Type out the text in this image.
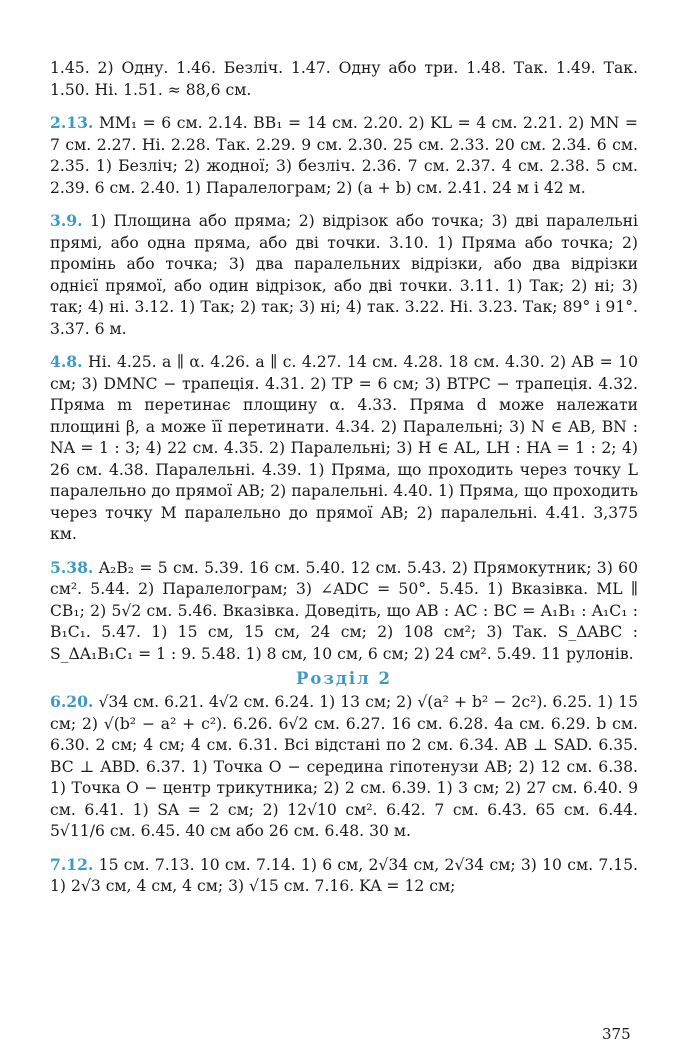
1.45. 2) Одну. 1.46. Безліч. 1.47. Одну або три. 1.48. Так. 1.49. Так. 1.50. Ні. 1.51. ≈ 88,6 см.

2.13. MM₁ = 6 см. 2.14. BB₁ = 14 см. 2.20. 2) KL = 4 см. 2.21. 2) MN = 7 см. 2.27. Ні. 2.28. Так. 2.29. 9 см. 2.30. 25 см. 2.33. 20 см. 2.34. 6 см. 2.35. 1) Безліч; 2) жодної; 3) безліч. 2.36. 7 см. 2.37. 4 см. 2.38. 5 см. 2.39. 6 см. 2.40. 1) Паралелограм; 2) (a + b) см. 2.41. 24 м і 42 м.

3.9. 1) Площина або пряма; 2) відрізок або точка; 3) дві паралельні прямі, або одна пряма, або дві точки. 3.10. 1) Пряма або точка; 2) промінь або точка; 3) два паралельних відрізки, або два відрізки однієї прямої, або один відрізок, або дві точки. 3.11. 1) Так; 2) ні; 3) так; 4) ні. 3.12. 1) Так; 2) так; 3) ні; 4) так. 3.22. Ні. 3.23. Так; 89° і 91°. 3.37. 6 м.

4.8. Ні. 4.25. a ∥ α. 4.26. a ∥ c. 4.27. 14 см. 4.28. 18 см. 4.30. 2) AB = 10 см; 3) DMNC − трапеція. 4.31. 2) TP = 6 см; 3) BTPC − трапеція. 4.32. Пряма m перетинає площину α. 4.33. Пряма d може належати площині β, а може її перетинати. 4.34. 2) Паралельні; 3) N ∈ AB, BN : NA = 1 : 3; 4) 22 см. 4.35. 2) Паралельні; 3) H ∈ AL, LH : HA = 1 : 2; 4) 26 см. 4.38. Паралельні. 4.39. 1) Пряма, що проходить через точку L паралельно до прямої AB; 2) паралельні. 4.40. 1) Пряма, що проходить через точку M паралельно до прямої AB; 2) паралельні. 4.41. 3,375 км.

5.38. A₂B₂ = 5 см. 5.39. 16 см. 5.40. 12 см. 5.43. 2) Прямокутник; 3) 60 см². 5.44. 2) Паралелограм; 3) ∠ADC = 50°. 5.45. 1) Вказівка. ML ∥ CB₁; 2) 5√2 см. 5.46. Вказівка. Доведіть, що AB : AC : BC = A₁B₁ : A₁C₁ : B₁C₁. 5.47. 1) 15 см, 15 см, 24 см; 2) 108 см²; 3) Так. S_ΔABC : S_ΔA₁B₁C₁ = 1 : 9. 5.48. 1) 8 см, 10 см, 6 см; 2) 24 см². 5.49. 11 рулонів.

Розділ 2

6.20. √34 см. 6.21. 4√2 см. 6.24. 1) 13 см; 2) √(a² + b² − 2c²). 6.25. 1) 15 см; 2) √(b² − a² + c²). 6.26. 6√2 см. 6.27. 16 см. 6.28. 4a см. 6.29. b см. 6.30. 2 см; 4 см; 4 см. 6.31. Всі відстані по 2 см. 6.34. AB ⊥ SAD. 6.35. BC ⊥ ABD. 6.37. 1) Точка O − середина гіпотенузи AB; 2) 12 см. 6.38. 1) Точка O − центр трикутника; 2) 2 см. 6.39. 1) 3 см; 2) 27 см. 6.40. 9 см. 6.41. 1) SA = 2 см; 2) 12√10 см². 6.42. 7 см. 6.43. 65 см. 6.44. 5√11/6 см. 6.45. 40 см або 26 см. 6.48. 30 м.

7.12. 15 см. 7.13. 10 см. 7.14. 1) 6 см, 2√34 см, 2√34 см; 3) 10 см. 7.15. 1) 2√3 см, 4 см, 4 см; 3) √15 см. 7.16. KA = 12 см;

375
